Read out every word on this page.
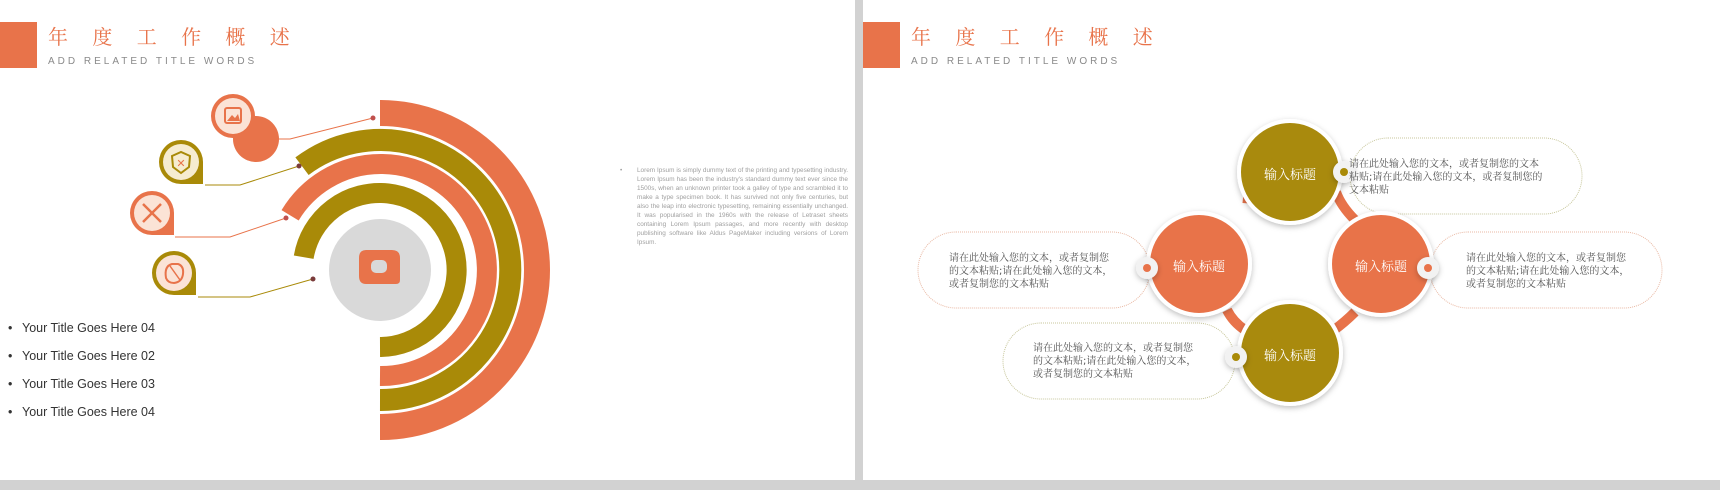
年 度 工 作 概 述
ADD RELATED TITLE WORDS
✕
• Your Title Goes Here 04
• Your Title Goes Here 02
• Your Title Goes Here 03
• Your Title Goes Here 04
• Lorem Ipsum is simply dummy text of the printing and typesetting industry. Lorem Ipsum has been the industry's standard dummy text ever since the 1500s, when an unknown printer took a galley of type and scrambled it to make a type specimen book. It has survived not only five centuries, but also the leap into electronic typesetting, remaining essentially unchanged. It was popularised in the 1960s with the release of Letraset sheets containing Lorem Ipsum passages, and more recently with desktop publishing software like Aldus PageMaker including versions of Lorem Ipsum.

年 度 工 作 概 述
ADD RELATED TITLE WORDS
输入标题
输入标题	输入标题
输入标题
请在此处输入您的文本，或者复制您的文本粘贴;请在此处输入您的文本，或者复制您的文本粘贴
请在此处输入您的文本，或者复制您的文本粘贴;请在此处输入您的文本，或者复制您的文本粘贴
请在此处输入您的文本，或者复制您的文本粘贴;请在此处输入您的文本，或者复制您的文本粘贴
请在此处输入您的文本，或者复制您的文本粘贴;请在此处输入您的文本，或者复制您的文本粘贴
